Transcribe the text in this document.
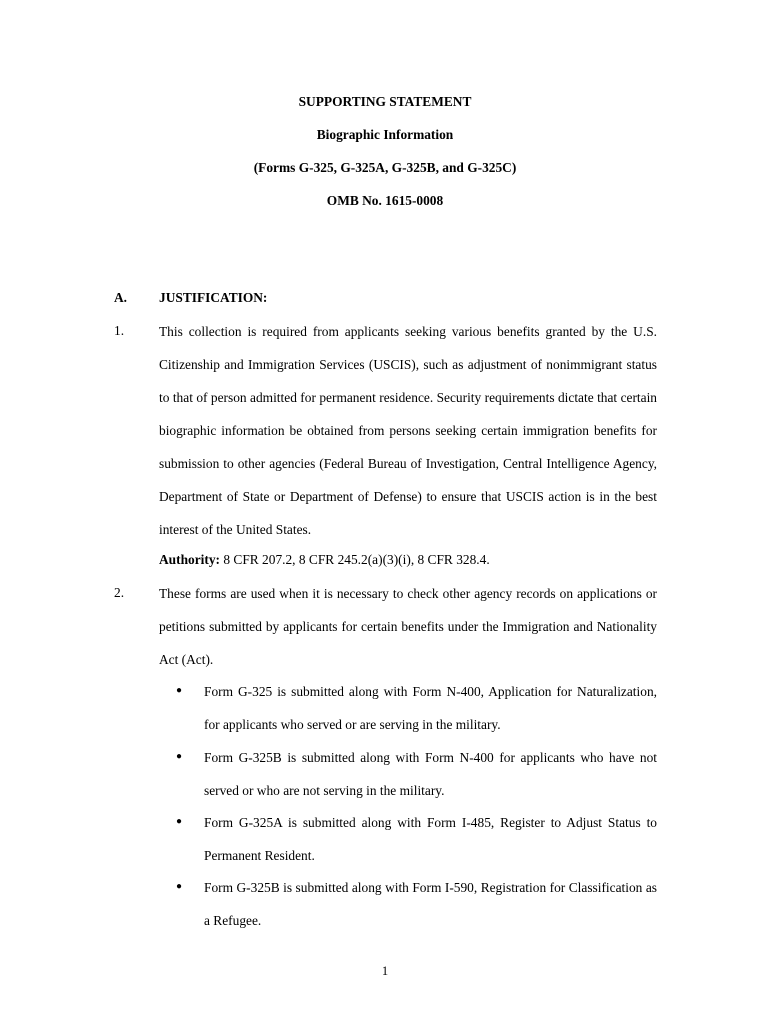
SUPPORTING STATEMENT
Biographic Information
(Forms G-325, G-325A, G-325B, and G-325C)
OMB No. 1615-0008
A. JUSTIFICATION:
1.	This collection is required from applicants seeking various benefits granted by the U.S. Citizenship and Immigration Services (USCIS), such as adjustment of nonimmigrant status to that of person admitted for permanent residence. Security requirements dictate that certain biographic information be obtained from persons seeking certain immigration benefits for submission to other agencies (Federal Bureau of Investigation, Central Intelligence Agency, Department of State or Department of Defense) to ensure that USCIS action is in the best interest of the United States.

Authority: 8 CFR 207.2, 8 CFR 245.2(a)(3)(i), 8 CFR 328.4.
2.	These forms are used when it is necessary to check other agency records on applications or petitions submitted by applicants for certain benefits under the Immigration and Nationality Act (Act).

● Form G-325 is submitted along with Form N-400, Application for Naturalization, for applicants who served or are serving in the military.

● Form G-325B is submitted along with Form N-400 for applicants who have not served or who are not serving in the military.

● Form G-325A is submitted along with Form I-485, Register to Adjust Status to Permanent Resident.

● Form G-325B is submitted along with Form I-590, Registration for Classification as a Refugee.

1
